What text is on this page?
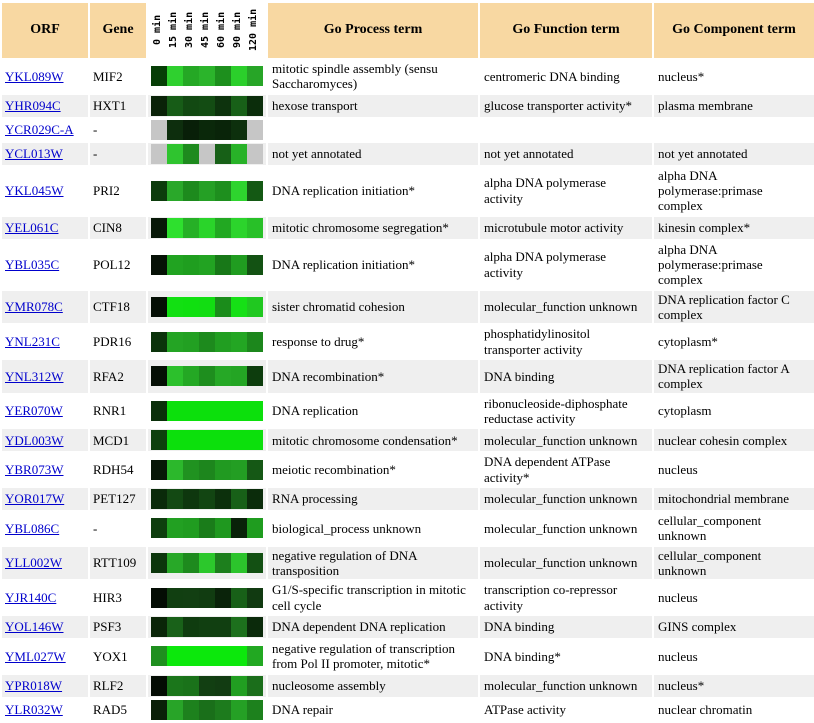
ORF	Gene	0 min 15 min 30 min 45 min 60 min 90 min 120 min	Go Process term	Go Function term	Go Component term
YKL089W	MIF2		mitotic spindle assembly (sensu Saccharomyces)	centromeric DNA binding	nucleus*
YHR094C	HXT1		hexose transport	glucose transporter activity*	plasma membrane
YCR029C-A	-	

YCL013W	-		not yet annotated	not yet annotated	not yet annotated
YKL045W	PRI2		DNA replication initiation*	alpha DNA polymerase activity	alpha DNA polymerase:primase complex
YEL061C	CIN8		mitotic chromosome segregation*	microtubule motor activity	kinesin complex*
YBL035C	POL12		DNA replication initiation*	alpha DNA polymerase activity	alpha DNA polymerase:primase complex
YMR078C	CTF18		sister chromatid cohesion	molecular_function unknown	DNA replication factor C complex
YNL231C	PDR16		response to drug*	phosphatidylinositol transporter activity	cytoplasm*
YNL312W	RFA2		DNA recombination*	DNA binding	DNA replication factor A complex
YER070W	RNR1		DNA replication	ribonucleoside-diphosphate reductase activity	cytoplasm
YDL003W	MCD1		mitotic chromosome condensation*	molecular_function unknown	nuclear cohesin complex
YBR073W	RDH54		meiotic recombination*	DNA dependent ATPase activity*	nucleus
YOR017W	PET127		RNA processing	molecular_function unknown	mitochondrial membrane
YBL086C	-		biological_process unknown	molecular_function unknown	cellular_component unknown
YLL002W	RTT109		negative regulation of DNA transposition	molecular_function unknown	cellular_component unknown
YJR140C	HIR3		G1/S-specific transcription in mitotic cell cycle	transcription co-repressor activity	nucleus
YOL146W	PSF3		DNA dependent DNA replication	DNA binding	GINS complex
YML027W	YOX1		negative regulation of transcription from Pol II promoter, mitotic*	DNA binding*	nucleus
YPR018W	RLF2		nucleosome assembly	molecular_function unknown	nucleus*
YLR032W	RAD5		DNA repair	ATPase activity	nuclear chromatin
